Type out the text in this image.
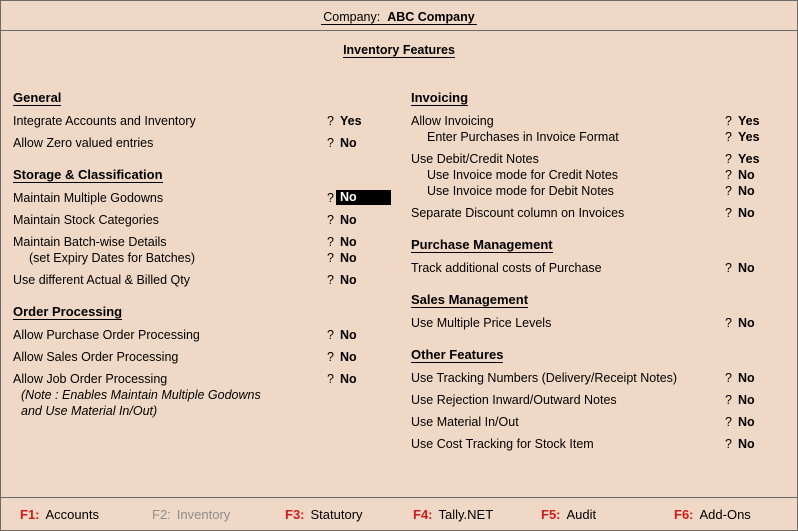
Company: ABC Company
Inventory Features
General
Integrate Accounts and Inventory	? Yes
Allow Zero valued entries	? No
Storage & Classification
Maintain Multiple Godowns	? No
Maintain Stock Categories	? No
Maintain Batch-wise Details	? No
(set Expiry Dates for Batches)	? No
Use different Actual & Billed Qty	? No
Order Processing
Allow Purchase Order Processing	? No
Allow Sales Order Processing	? No
Allow Job Order Processing	? No
(Note : Enables Maintain Multiple Godowns
and Use Material In/Out)
Invoicing
Allow Invoicing	? Yes
Enter Purchases in Invoice Format	? Yes
Use Debit/Credit Notes	? Yes
Use Invoice mode for Credit Notes	? No
Use Invoice mode for Debit Notes	? No
Separate Discount column on Invoices	? No
Purchase Management
Track additional costs of Purchase	? No
Sales Management
Use Multiple Price Levels	? No
Other Features
Use Tracking Numbers (Delivery/Receipt Notes)	? No
Use Rejection Inward/Outward Notes	? No
Use Material In/Out	? No
Use Cost Tracking for Stock Item	? No
F1: Accounts	F2: Inventory	F3: Statutory	F4: Tally.NET	F5: Audit	F6: Add-Ons
